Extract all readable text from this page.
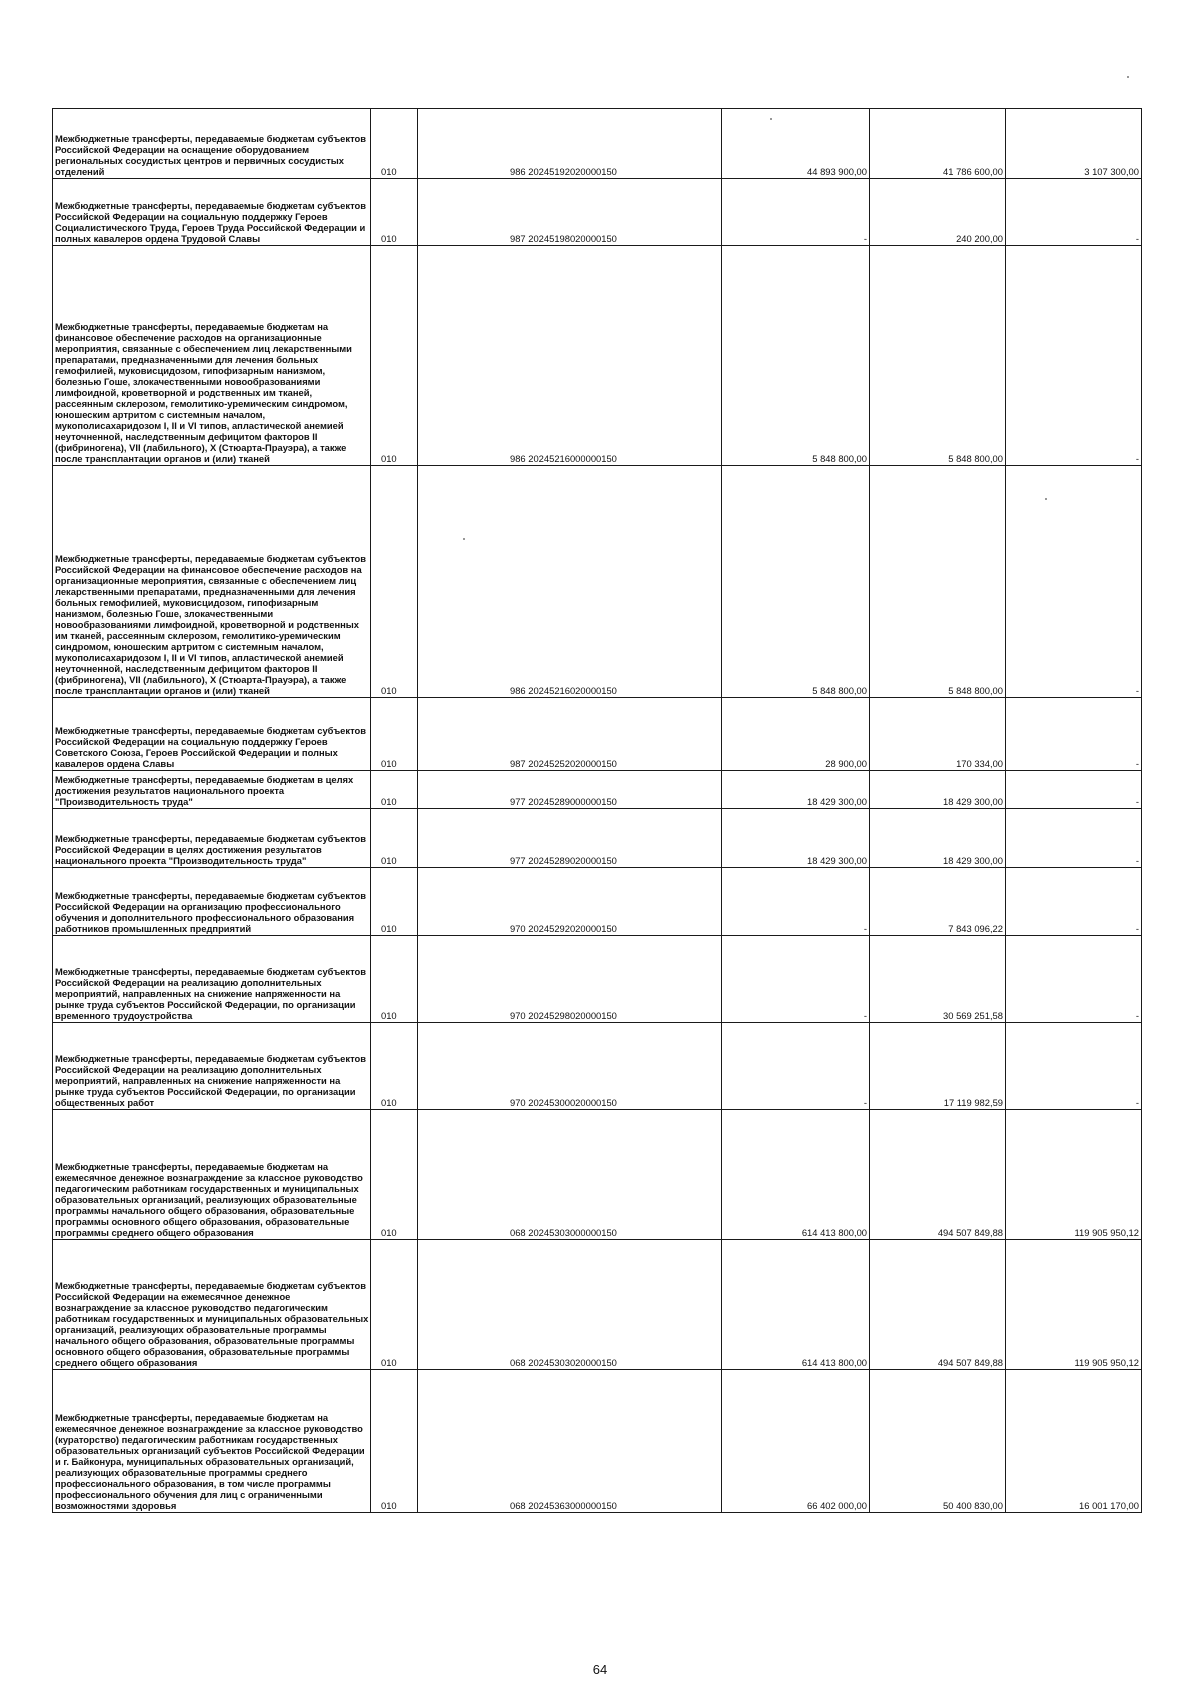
Межбюджетные трансферты, передаваемые бюджетам субъектов Российской Федерации на оснащение оборудованием региональных сосудистых центров и первичных сосудистых отделений	010	986 20245192020000150	44 893 900,00	41 786 600,00	3 107 300,00
Межбюджетные трансферты, передаваемые бюджетам субъектов Российской Федерации на социальную поддержку Героев Социалистического Труда, Героев Труда Российской Федерации и полных кавалеров ордена Трудовой Славы	010	987 20245198020000150	-	240 200,00	-
Межбюджетные трансферты, передаваемые бюджетам на финансовое обеспечение расходов на организационные мероприятия, связанные с обеспечением лиц лекарственными препаратами, предназначенными для лечения больных гемофилией, муковисцидозом, гипофизарным нанизмом, болезнью Гоше, злокачественными новообразованиями лимфоидной, кроветворной и родственных им тканей, рассеянным склерозом, гемолитико-уремическим синдромом, юношеским артритом с системным началом, мукополисахаридозом I, II и VI типов, апластической анемией неуточненной, наследственным дефицитом факторов II (фибриногена), VII (лабильного), X (Стюарта-Прауэра), а также после трансплантации органов и (или) тканей	010	986 20245216000000150	5 848 800,00	5 848 800,00	-
Межбюджетные трансферты, передаваемые бюджетам субъектов Российской Федерации на финансовое обеспечение расходов на организационные мероприятия, связанные с обеспечением лиц лекарственными препаратами, предназначенными для лечения больных гемофилией, муковисцидозом, гипофизарным нанизмом, болезнью Гоше, злокачественными новообразованиями лимфоидной, кроветворной и родственных им тканей, рассеянным склерозом, гемолитико-уремическим синдромом, юношеским артритом с системным началом, мукополисахаридозом I, II и VI типов, апластической анемией неуточненной, наследственным дефицитом факторов II (фибриногена), VII (лабильного), X (Стюарта-Прауэра), а также после трансплантации органов и (или) тканей	010	986 20245216020000150	5 848 800,00	5 848 800,00	-
Межбюджетные трансферты, передаваемые бюджетам субъектов Российской Федерации на социальную поддержку Героев Советского Союза, Героев Российской Федерации и полных кавалеров ордена Славы	010	987 20245252020000150	28 900,00	170 334,00	-
Межбюджетные трансферты, передаваемые бюджетам в целях достижения результатов национального проекта "Производительность труда"	010	977 20245289000000150	18 429 300,00	18 429 300,00	-
Межбюджетные трансферты, передаваемые бюджетам субъектов Российской Федерации в целях достижения результатов национального проекта "Производительность труда"	010	977 20245289020000150	18 429 300,00	18 429 300,00	-
Межбюджетные трансферты, передаваемые бюджетам субъектов Российской Федерации на организацию профессионального обучения и дополнительного профессионального образования работников промышленных предприятий	010	970 20245292020000150	-	7 843 096,22	-
Межбюджетные трансферты, передаваемые бюджетам субъектов Российской Федерации на реализацию дополнительных мероприятий, направленных на снижение напряженности на рынке труда субъектов Российской Федерации, по организации временного трудоустройства	010	970 20245298020000150	-	30 569 251,58	-
Межбюджетные трансферты, передаваемые бюджетам субъектов Российской Федерации на реализацию дополнительных мероприятий, направленных на снижение напряженности на рынке труда субъектов Российской Федерации, по организации общественных работ	010	970 20245300020000150	-	17 119 982,59	-
Межбюджетные трансферты, передаваемые бюджетам на ежемесячное денежное вознаграждение за классное руководство педагогическим работникам государственных и муниципальных образовательных организаций, реализующих образовательные программы начального общего образования, образовательные программы основного общего образования, образовательные программы среднего общего образования	010	068 20245303000000150	614 413 800,00	494 507 849,88	119 905 950,12
Межбюджетные трансферты, передаваемые бюджетам субъектов Российской Федерации на ежемесячное денежное вознаграждение за классное руководство педагогическим работникам государственных и муниципальных образовательных организаций, реализующих образовательные программы начального общего образования, образовательные программы основного общего образования, образовательные программы среднего общего образования	010	068 20245303020000150	614 413 800,00	494 507 849,88	119 905 950,12
Межбюджетные трансферты, передаваемые бюджетам на ежемесячное денежное вознаграждение за классное руководство (кураторство) педагогическим работникам государственных образовательных организаций субъектов Российской Федерации и г. Байконура, муниципальных образовательных организаций, реализующих образовательные программы среднего профессионального образования, в том числе программы профессионального обучения для лиц с ограниченными возможностями здоровья	010	068 20245363000000150	66 402 000,00	50 400 830,00	16 001 170,00
64
